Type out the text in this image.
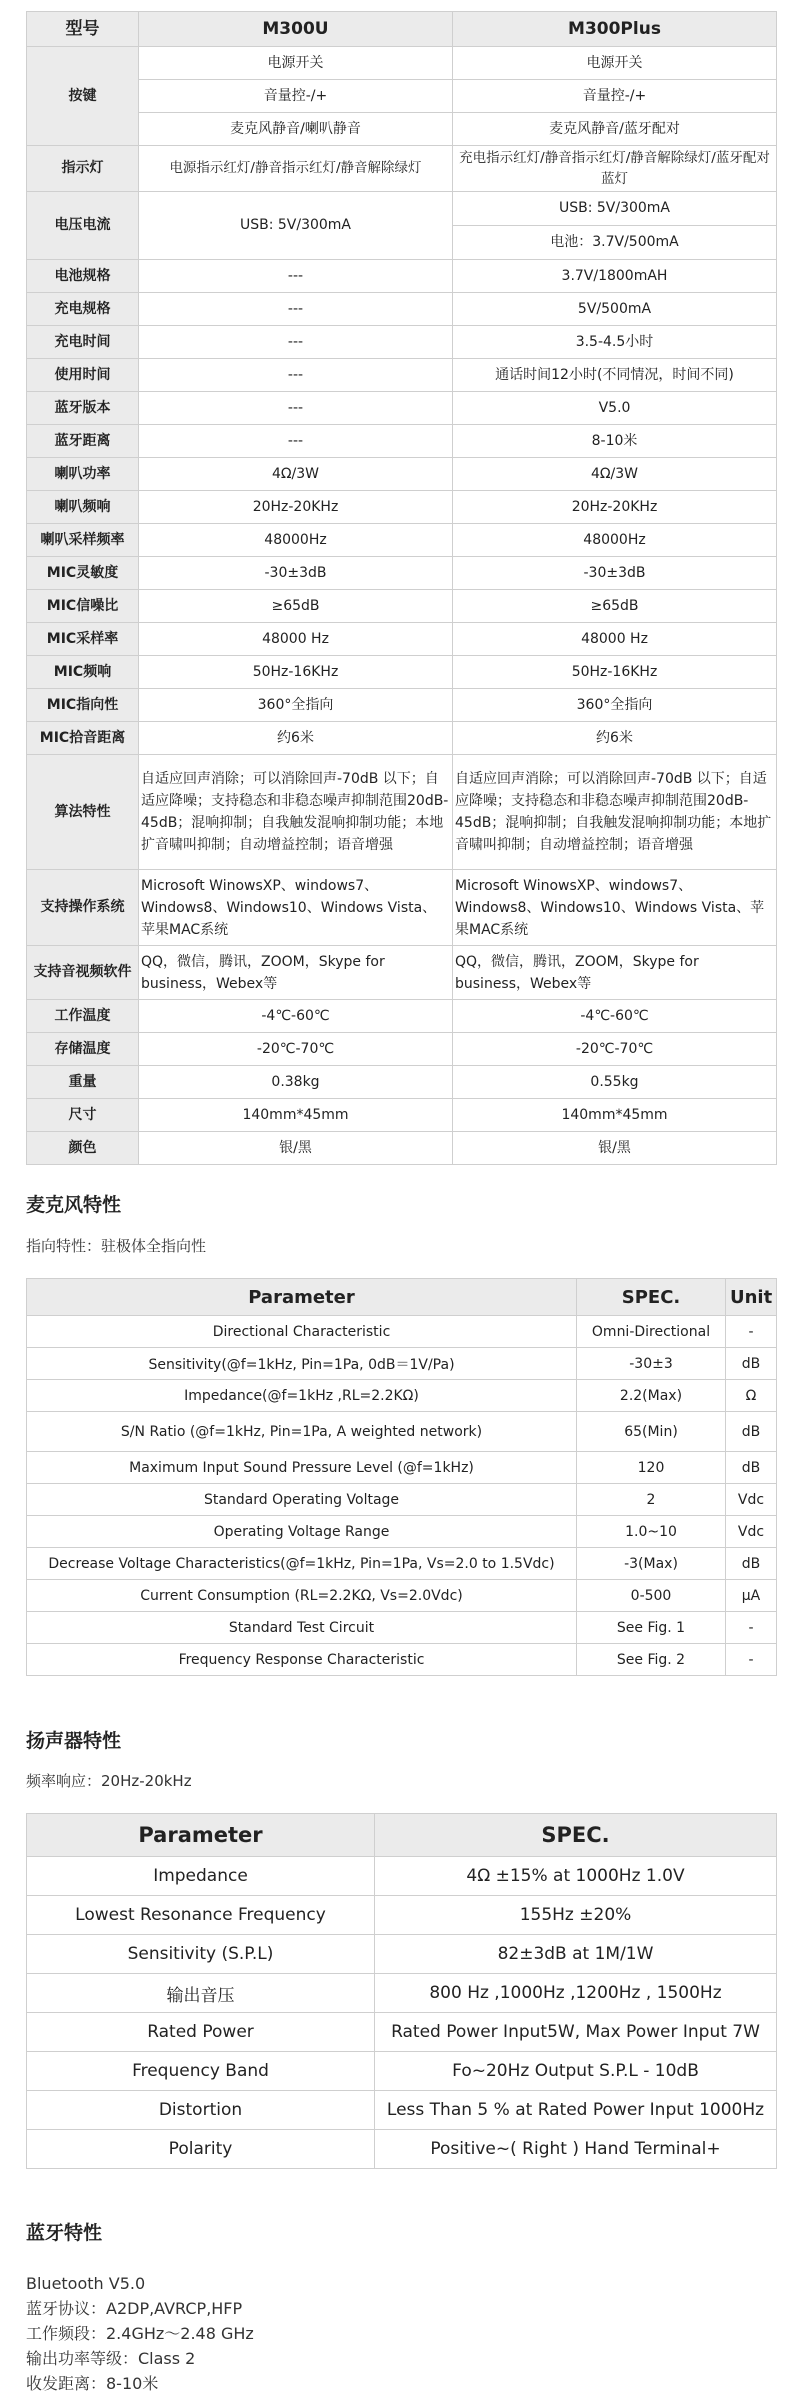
型号	M300U	M300Plus
按键	电源开关	电源开关
	音量控-/+	音量控-/+
	麦克风静音/喇叭静音	麦克风静音/蓝牙配对
指示灯	电源指示红灯/静音指示红灯/静音解除绿灯	充电指示红灯/静音指示红灯/静音解除绿灯/蓝牙配对蓝灯
电压电流	USB: 5V/300mA	USB: 5V/300mA
		电池：3.7V/500mA
电池规格	---	3.7V/1800mAH
充电规格	---	5V/500mA
充电时间	---	3.5-4.5小时
使用时间	---	通话时间12小时(不同情况，时间不同)
蓝牙版本	---	V5.0
蓝牙距离	---	8-10米
喇叭功率	4Ω/3W	4Ω/3W
喇叭频响	20Hz-20KHz	20Hz-20KHz
喇叭采样频率	48000Hz	48000Hz
MIC灵敏度	-30±3dB	-30±3dB
MIC信噪比	≥65dB	≥65dB
MIC采样率	48000 Hz	48000 Hz
MIC频响	50Hz-16KHz	50Hz-16KHz
MIC指向性	360°全指向	360°全指向
MIC拾音距离	约6米	约6米
算法特性	自适应回声消除；可以消除回声-70dB 以下；自适应降噪；支持稳态和非稳态噪声抑制范围20dB-45dB；混响抑制；自我触发混响抑制功能；本地扩音啸叫抑制；自动增益控制；语音增强	自适应回声消除；可以消除回声-70dB 以下；自适应降噪；支持稳态和非稳态噪声抑制范围20dB-45dB；混响抑制；自我触发混响抑制功能；本地扩音啸叫抑制；自动增益控制；语音增强
支持操作系统	Microsoft WinowsXP、windows7、Windows8、Windows10、Windows Vista、苹果MAC系统	Microsoft WinowsXP、windows7、Windows8、Windows10、Windows Vista、苹果MAC系统
支持音视频软件	QQ，微信，腾讯，ZOOM，Skype for business，Webex等	QQ，微信，腾讯，ZOOM，Skype for business，Webex等
工作温度	-4℃-60℃	-4℃-60℃
存储温度	-20℃-70℃	-20℃-70℃
重量	0.38kg	0.55kg
尺寸	140mm*45mm	140mm*45mm
颜色	银/黑	银/黑
麦克风特性

指向特性：驻极体全指向性

Parameter	SPEC.	Unit
Directional Characteristic	Omni-Directional	-
Sensitivity(@f=1kHz, Pin=1Pa, 0dB＝1V/Pa)	-30±3	dB
Impedance(@f=1kHz ,RL=2.2KΩ)	2.2(Max)	Ω
S/N Ratio (@f=1kHz, Pin=1Pa, A weighted network)	65(Min)	dB
Maximum Input Sound Pressure Level (@f=1kHz)	120	dB
Standard Operating Voltage	2	Vdc
Operating Voltage Range	1.0~10	Vdc
Decrease Voltage Characteristics(@f=1kHz, Pin=1Pa, Vs=2.0 to 1.5Vdc)	-3(Max)	dB
Current Consumption (RL=2.2KΩ, Vs=2.0Vdc)	0-500	μA
Standard Test Circuit	See Fig. 1	-
Frequency Response Characteristic	See Fig. 2	-
扬声器特性

频率响应：20Hz-20kHz

Parameter	SPEC.
Impedance	4Ω ±15% at 1000Hz 1.0V
Lowest Resonance Frequency	155Hz ±20%
Sensitivity (S.P.L)	82±3dB at 1M/1W
输出音压	800 Hz ,1000Hz ,1200Hz , 1500Hz
Rated Power	Rated Power Input5W, Max Power Input 7W
Frequency Band	Fo~20Hz Output S.P.L - 10dB
Distortion	Less Than 5 % at Rated Power Input 1000Hz
Polarity	Positive~( Right ) Hand Terminal+
蓝牙特性
Bluetooth V5.0
蓝牙协议：A2DP,AVRCP,HFP
工作频段：2.4GHz～2.48 GHz
输出功率等级：Class 2
收发距离：8-10米
